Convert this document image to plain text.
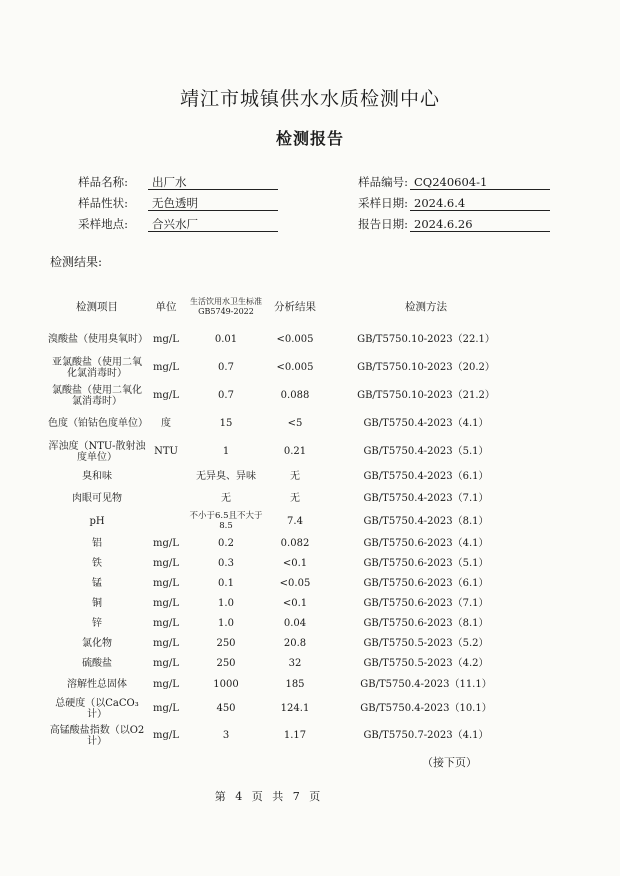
靖江市城镇供水水质检测中心
检测报告
样品名称:	出厂水	样品编号: CQ240604-1
样品性状:	无色透明	采样日期: 2024.6.4
采样地点:	合兴水厂	报告日期: 2024.6.26
检测结果:
检测项目	单位	生活饮用水卫生标准GB5749-2022	分析结果	检测方法
溴酸盐（使用臭氧时）	mg/L	0.01	<0.005	GB/T5750.10-2023（22.1）
亚氯酸盐（使用二氧化氯消毒时）	mg/L	0.7	<0.005	GB/T5750.10-2023（20.2）
氯酸盐（使用二氧化氯消毒时）	mg/L	0.7	0.088	GB/T5750.10-2023（21.2）
色度（铂钴色度单位）	度	15	<5	GB/T5750.4-2023（4.1）
浑浊度（NTU-散射浊度单位）	NTU	1	0.21	GB/T5750.4-2023（5.1）
臭和味		无异臭、异味	无	GB/T5750.4-2023（6.1）
肉眼可见物		无	无	GB/T5750.4-2023（7.1）
pH		不小于6.5且不大于8.5	7.4	GB/T5750.4-2023（8.1）
铝	mg/L	0.2	0.082	GB/T5750.6-2023（4.1）
铁	mg/L	0.3	<0.1	GB/T5750.6-2023（5.1）
锰	mg/L	0.1	<0.05	GB/T5750.6-2023（6.1）
铜	mg/L	1.0	<0.1	GB/T5750.6-2023（7.1）
锌	mg/L	1.0	0.04	GB/T5750.6-2023（8.1）
氯化物	mg/L	250	20.8	GB/T5750.5-2023（5.2）
硫酸盐	mg/L	250	32	GB/T5750.5-2023（4.2）
溶解性总固体	mg/L	1000	185	GB/T5750.4-2023（11.1）
总硬度（以CaCO₃计）	mg/L	450	124.1	GB/T5750.4-2023（10.1）
高锰酸盐指数（以O2计）	mg/L	3	1.17	GB/T5750.7-2023（4.1）
（接下页）
第 4 页 共 7 页
